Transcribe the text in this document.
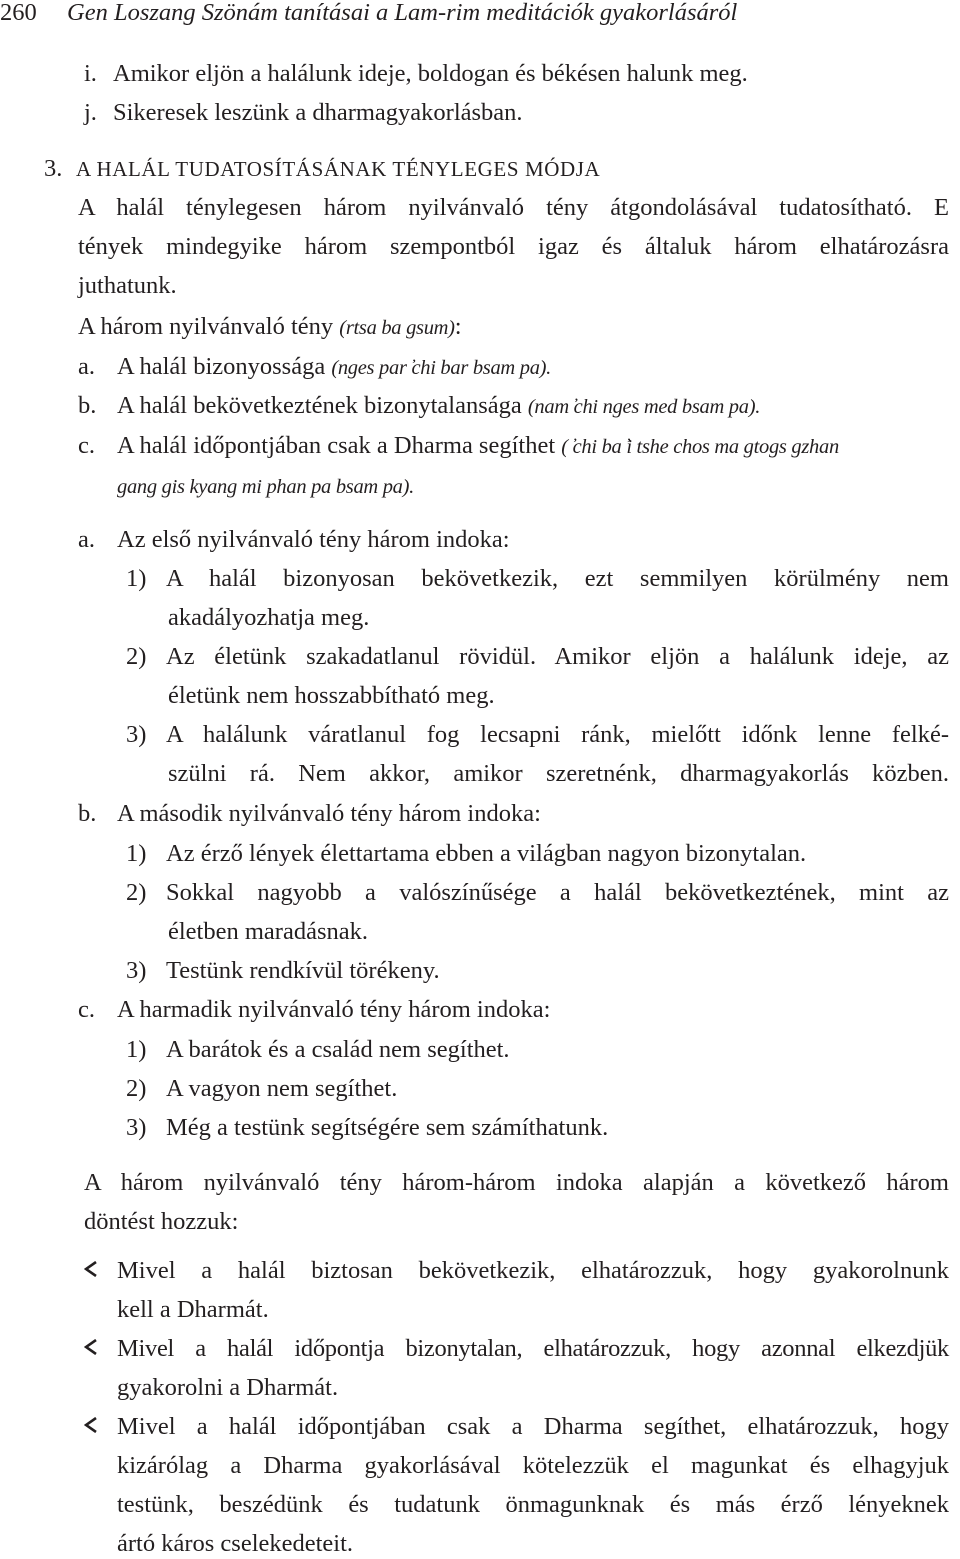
260 Gen Loszang Szönám tanításai a Lam-rim meditációk gyakorlásáról
i. Amikor eljön a halálunk ideje, boldogan és békésen halunk meg.
j. Sikeresek leszünk a dharmagyakorlásban.
3. A HALÁL TUDATOSÍTÁSÁNAK TÉNYLEGES MÓDJA
A halál ténylegesen három nyilvánvaló tény átgondolásával tudatosítható. E
tények mindegyike három szempontból igaz és általuk három elhatározásra
juthatunk.
A három nyilvánvaló tény (rtsa ba gsum):
a. A halál bizonyossága (nges par ̓chi bar bsam pa).
b. A halál bekövetkeztének bizonytalansága (nam ̓chi nges med bsam pa).
c. A halál időpontjában csak a Dharma segíthet ( ̓chi ba ̓i tshe chos ma gtogs gzhan
gang gis kyang mi phan pa bsam pa).
a. Az első nyilvánvaló tény három indoka:
1) A halál bizonyosan bekövetkezik, ezt semmilyen körülmény nem
akadályozhatja meg.
2) Az életünk szakadatlanul rövidül. Amikor eljön a halálunk ideje, az
életünk nem hosszabbítható meg.
3) A halálunk váratlanul fog lecsapni ránk, mielőtt időnk lenne felké-
szülni rá. Nem akkor, amikor szeretnénk, dharmagyakorlás közben.
b. A második nyilvánvaló tény három indoka:
1) Az érző lények élettartama ebben a világban nagyon bizonytalan.
2) Sokkal nagyobb a valószínűsége a halál bekövetkeztének, mint az
életben maradásnak.
3) Testünk rendkívül törékeny.
c. A harmadik nyilvánvaló tény három indoka:
1) A barátok és a család nem segíthet.
2) A vagyon nem segíthet.
3) Még a testünk segítségére sem számíthatunk.
A három nyilvánvaló tény három-három indoka alapján a következő három
döntést hozzuk:
Mivel a halál biztosan bekövetkezik, elhatározzuk, hogy gyakorolnunk
kell a Dharmát.
Mivel a halál időpontja bizonytalan, elhatározzuk, hogy azonnal elkezdjük
gyakorolni a Dharmát.
Mivel a halál időpontjában csak a Dharma segíthet, elhatározzuk, hogy
kizárólag a Dharma gyakorlásával kötelezzük el magunkat és elhagyjuk
testünk, beszédünk és tudatunk önmagunknak és más érző lényeknek
ártó káros cselekedeteit.
